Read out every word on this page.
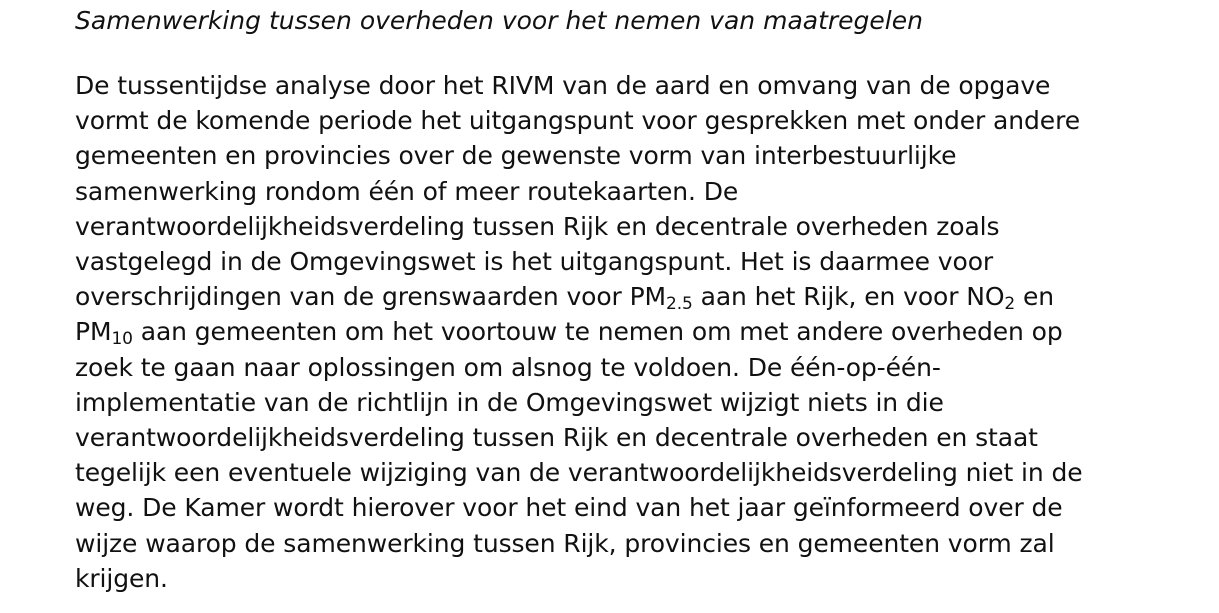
Samenwerking tussen overheden voor het nemen van maatregelen

De tussentijdse analyse door het RIVM van de aard en omvang van de opgave
vormt de komende periode het uitgangspunt voor gesprekken met onder andere
gemeenten en provincies over de gewenste vorm van interbestuurlijke
samenwerking rondom één of meer routekaarten. De
verantwoordelijkheidsverdeling tussen Rijk en decentrale overheden zoals
vastgelegd in de Omgevingswet is het uitgangspunt. Het is daarmee voor
overschrijdingen van de grenswaarden voor $PM_{2.5}$ aan het Rijk, en voor $NO_2$ en
$PM_{10}$ aan gemeenten om het voortouw te nemen om met andere overheden op
zoek te gaan naar oplossingen om alsnog te voldoen. De één-op-één-
implementatie van de richtlijn in de Omgevingswet wijzigt niets in die
verantwoordelijkheidsverdeling tussen Rijk en decentrale overheden en staat
tegelijk een eventuele wijziging van de verantwoordelijkheidsverdeling niet in de
weg. De Kamer wordt hierover voor het eind van het jaar geïnformeerd over de
wijze waarop de samenwerking tussen Rijk, provincies en gemeenten vorm zal
krijgen.
